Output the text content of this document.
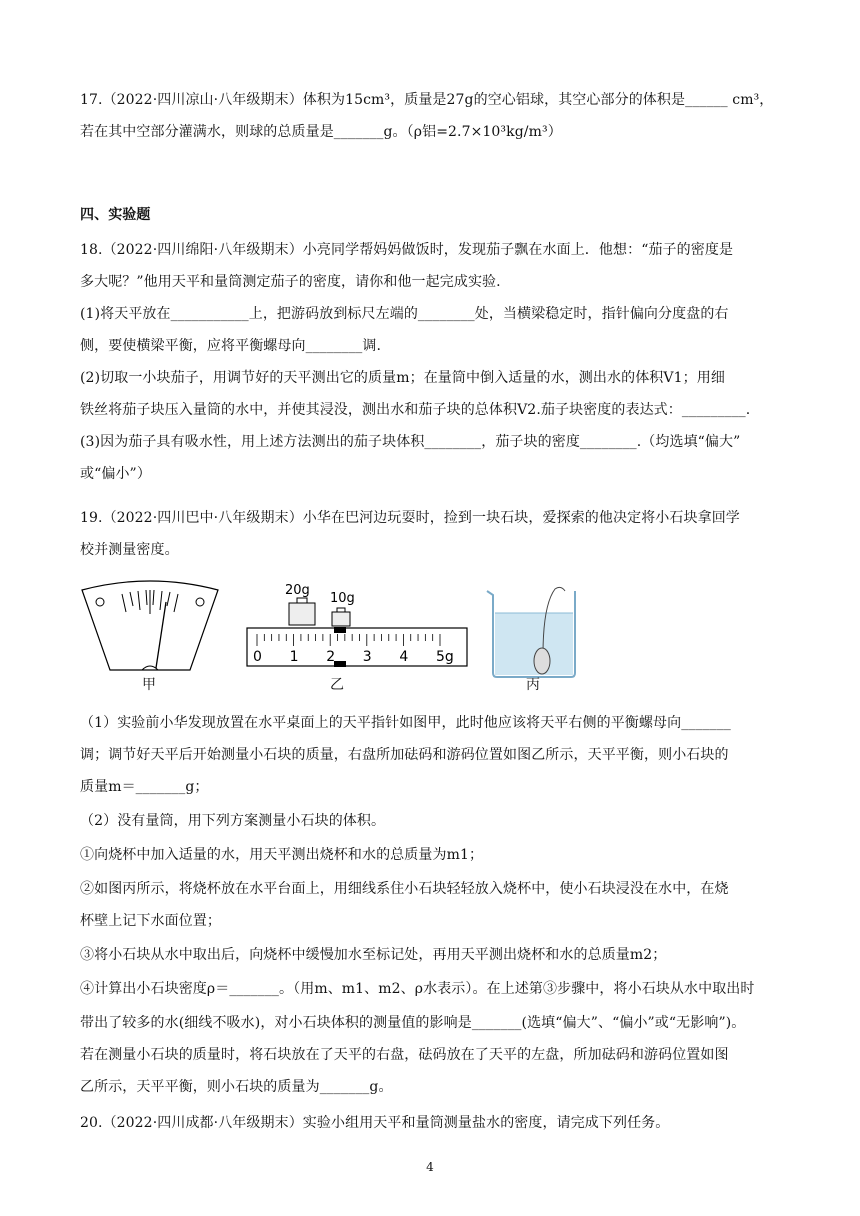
17.（2022·四川凉山·八年级期末）体积为15cm³，质量是27g的空心铝球，其空心部分的体积是______ cm³，
若在其中空部分灌满水，则球的总质量是_______g。（ρ铝=2.7×10³kg/m³）
四、实验题
18.（2022·四川绵阳·八年级期末）小亮同学帮妈妈做饭时，发现茄子飘在水面上．他想：“茄子的密度是
多大呢？”他用天平和量筒测定茄子的密度，请你和他一起完成实验.
(1)将天平放在___________上，把游码放到标尺左端的________处，当横梁稳定时，指针偏向分度盘的右
侧，要使横梁平衡，应将平衡螺母向________调.
(2)切取一小块茄子，用调节好的天平测出它的质量m；在量筒中倒入适量的水，测出水的体积V1；用细
铁丝将茄子块压入量筒的水中，并使其浸没，测出水和茄子块的总体积V2.茄子块密度的表达式：_________.
(3)因为茄子具有吸水性，用上述方法测出的茄子块体积________，茄子块的密度________.（均选填“偏大”
或“偏小”）
19.（2022·四川巴中·八年级期末）小华在巴河边玩耍时，捡到一块石块，爱探索的他决定将小石块拿回学
校并测量密度。
甲
20g
10g
0 1 2 3 4 5g
乙	丙
（1）实验前小华发现放置在水平桌面上的天平指针如图甲，此时他应该将天平右侧的平衡螺母向_______
调；调节好天平后开始测量小石块的质量，右盘所加砝码和游码位置如图乙所示，天平平衡，则小石块的
质量m＝_______g；
（2）没有量筒，用下列方案测量小石块的体积。
①向烧杯中加入适量的水，用天平测出烧杯和水的总质量为m1；
②如图丙所示，将烧杯放在水平台面上，用细线系住小石块轻轻放入烧杯中，使小石块浸没在水中，在烧
杯壁上记下水面位置；
③将小石块从水中取出后，向烧杯中缓慢加水至标记处，再用天平测出烧杯和水的总质量m2；
④计算出小石块密度ρ＝_______。（用m、m1、m2、ρ水表示）。在上述第③步骤中，将小石块从水中取出时
带出了较多的水(细线不吸水)，对小石块体积的测量值的影响是_______(选填“偏大”、“偏小”或“无影响”)。
若在测量小石块的质量时，将石块放在了天平的右盘，砝码放在了天平的左盘，所加砝码和游码位置如图
乙所示，天平平衡，则小石块的质量为_______g。
20.（2022·四川成都·八年级期末）实验小组用天平和量筒测量盐水的密度，请完成下列任务。
4
